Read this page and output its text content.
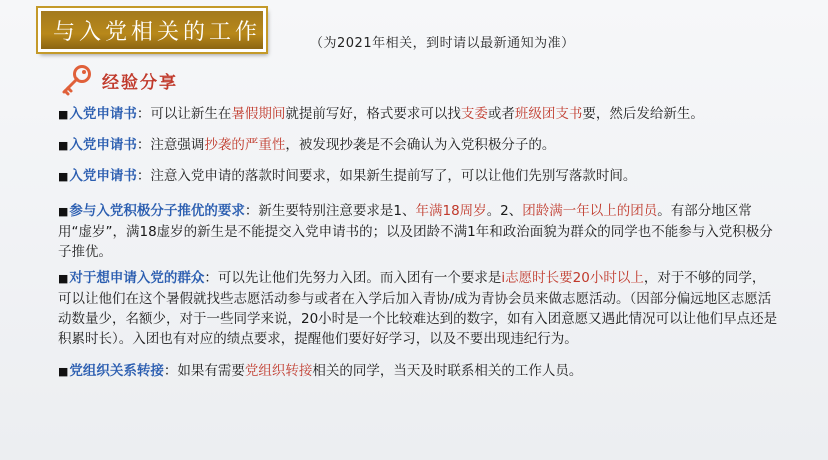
与入党相关的工作	（为2021年相关，到时请以最新通知为准）
经验分享

■入党申请书：可以让新生在暑假期间就提前写好，格式要求可以找支委或者班级团支书要，然后发给新生。

■入党申请书：注意强调抄袭的严重性，被发现抄袭是不会确认为入党积极分子的。

■入党申请书：注意入党申请的落款时间要求，如果新生提前写了，可以让他们先别写落款时间。

■参与入党积极分子推优的要求：新生要特别注意要求是1、年满18周岁。2、团龄满一年以上的团员。有部分地区常用“虚岁”，满18虚岁的新生是不能提交入党申请书的；以及团龄不满1年和政治面貌为群众的同学也不能参与入党积极分子推优。

■对于想申请入党的群众：可以先让他们先努力入团。而入团有一个要求是i志愿时长要20小时以上，对于不够的同学，可以让他们在这个暑假就找些志愿活动参与或者在入学后加入青协/成为青协会员来做志愿活动。（因部分偏远地区志愿活动数量少，名额少，对于一些同学来说，20小时是一个比较难达到的数字，如有入团意愿又遇此情况可以让他们早点还是积累时长）。入团也有对应的绩点要求，提醒他们要好好学习，以及不要出现违纪行为。

■党组织关系转接：如果有需要党组织转接相关的同学，当天及时联系相关的工作人员。
